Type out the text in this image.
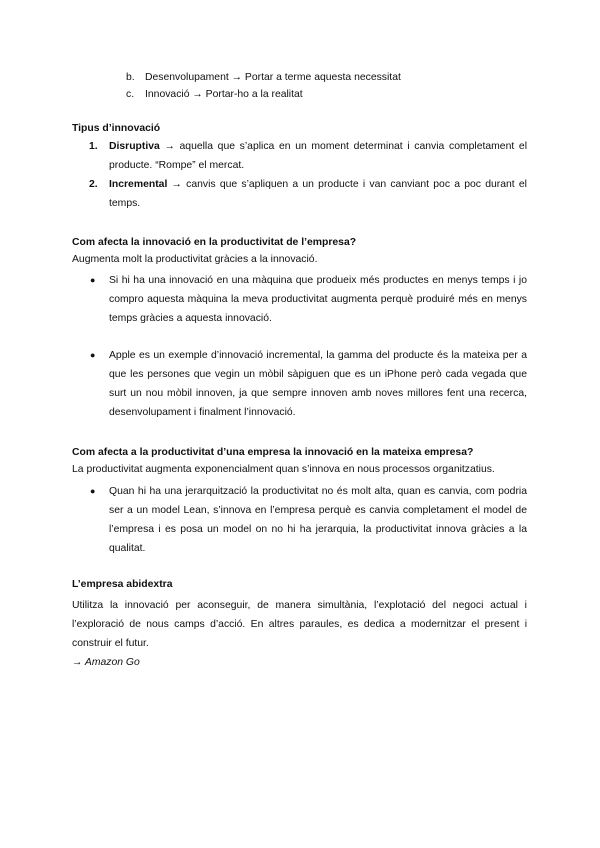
b. Desenvolupament → Portar a terme aquesta necessitat
c. Innovació → Portar-ho a la realitat
Tipus d’innovació
1. Disruptiva → aquella que s’aplica en un moment determinat i canvia completament el producte. “Rompe” el mercat.
2. Incremental → canvis que s’apliquen a un producte i van canviant poc a poc durant el temps.
Com afecta la innovació en la productivitat de l’empresa?
Augmenta molt la productivitat gràcies a la innovació.
● Si hi ha una innovació en una màquina que produeix més productes en menys temps i jo compro aquesta màquina la meva productivitat augmenta perquè produiré més en menys temps gràcies a aquesta innovació.
● Apple es un exemple d’innovació incremental, la gamma del producte és la mateixa per a que les persones que vegin un mòbil sàpiguen que es un iPhone però cada vegada que surt un nou mòbil innoven, ja que sempre innoven amb noves millores fent una recerca, desenvolupament i finalment l’innovació.
Com afecta a la productivitat d’una empresa la innovació en la mateixa empresa?
La productivitat augmenta exponencialment quan s’innova en nous processos organitzatius.
● Quan hi ha una jerarquització la productivitat no és molt alta, quan es canvia, com podria ser a un model Lean, s’innova en l’empresa perquè es canvia completament el model de l’empresa i es posa un model on no hi ha jerarquia, la productivitat innova gràcies a la qualitat.
L’empresa abidextra
Utilitza la innovació per aconseguir, de manera simultània, l’explotació del negoci actual i l’exploració de nous camps d’acció. En altres paraules, es dedica a modernitzar el present i construir el futur.
→ Amazon Go
